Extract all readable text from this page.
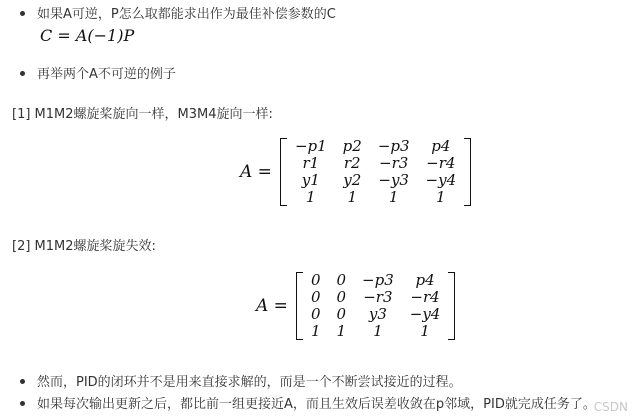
如果A可逆，P怎么取都能求出作为最佳补偿参数的C
C = A(−1)P
再举两个A不可逆的例子
[1] M1M2螺旋桨旋向一样，M3M4旋向一样:
A =
−p1	p2	−p3	p4
r1	r2	−r3	−r4
y1	y2	−y3	−y4
1	1	1	1
[2] M1M2螺旋桨旋失效:
A =
0	0	−p3	p4
0	0	−r3	−r4
0	0	y3	−y4
1	1	1	1
然而，PID的闭环并不是用来直接求解的，而是一个不断尝试接近的过程。
如果每次输出更新之后，都比前一组更接近A，而且生效后误差收敛在p邻域，PID就完成任务了。
CSDN
